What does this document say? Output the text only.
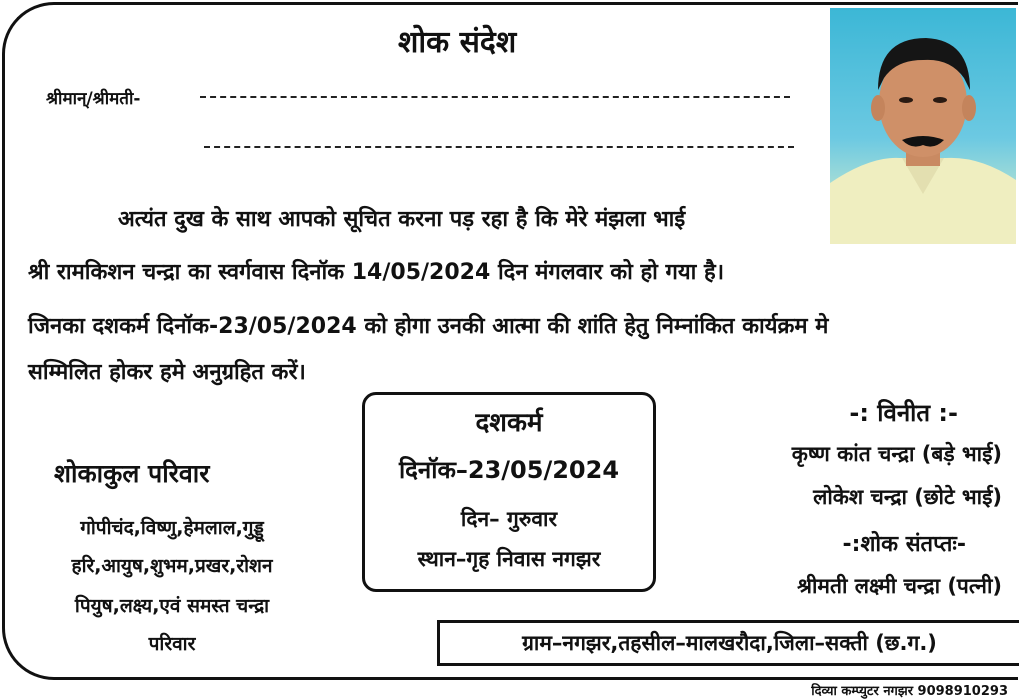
शोक संदेश
श्रीमान्/श्रीमती-
अत्यंत दुख के साथ आपको सूचित करना पड़ रहा है कि मेरे मंझला भाई
श्री रामकिशन चन्द्रा का स्वर्गवास दिनॉक 14/05/2024 दिन मंगलवार को हो गया है।
जिनका दशकर्म दिनॉक-23/05/2024 को होगा उनकी आत्मा की शांति हेतु निम्नांकित कार्यक्रम मे
सम्मिलित होकर हमे अनुग्रहित करें।
दशकर्म
दिनॉक–23/05/2024
दिन– गुरुवार
स्थान–गृह निवास नगझर
शोकाकुल परिवार
गोपीचंद,विष्णु,हेमलाल,गुड्डू
हरि,आयुष,शुभम,प्रखर,रोशन
पियुष,लक्ष्य,एवं समस्त चन्द्रा
परिवार
-: विनीत :-
कृष्ण कांत चन्द्रा (बड़े भाई)
लोकेश चन्द्रा (छोटे भाई)
-:शोक संतप्तः-
श्रीमती लक्ष्मी चन्द्रा (पत्नी)
ग्राम–नगझर,तहसील–मालखरौदा,जिला–सक्ती (छ.ग.)
दिव्या कम्प्युटर नगझर 9098910293
